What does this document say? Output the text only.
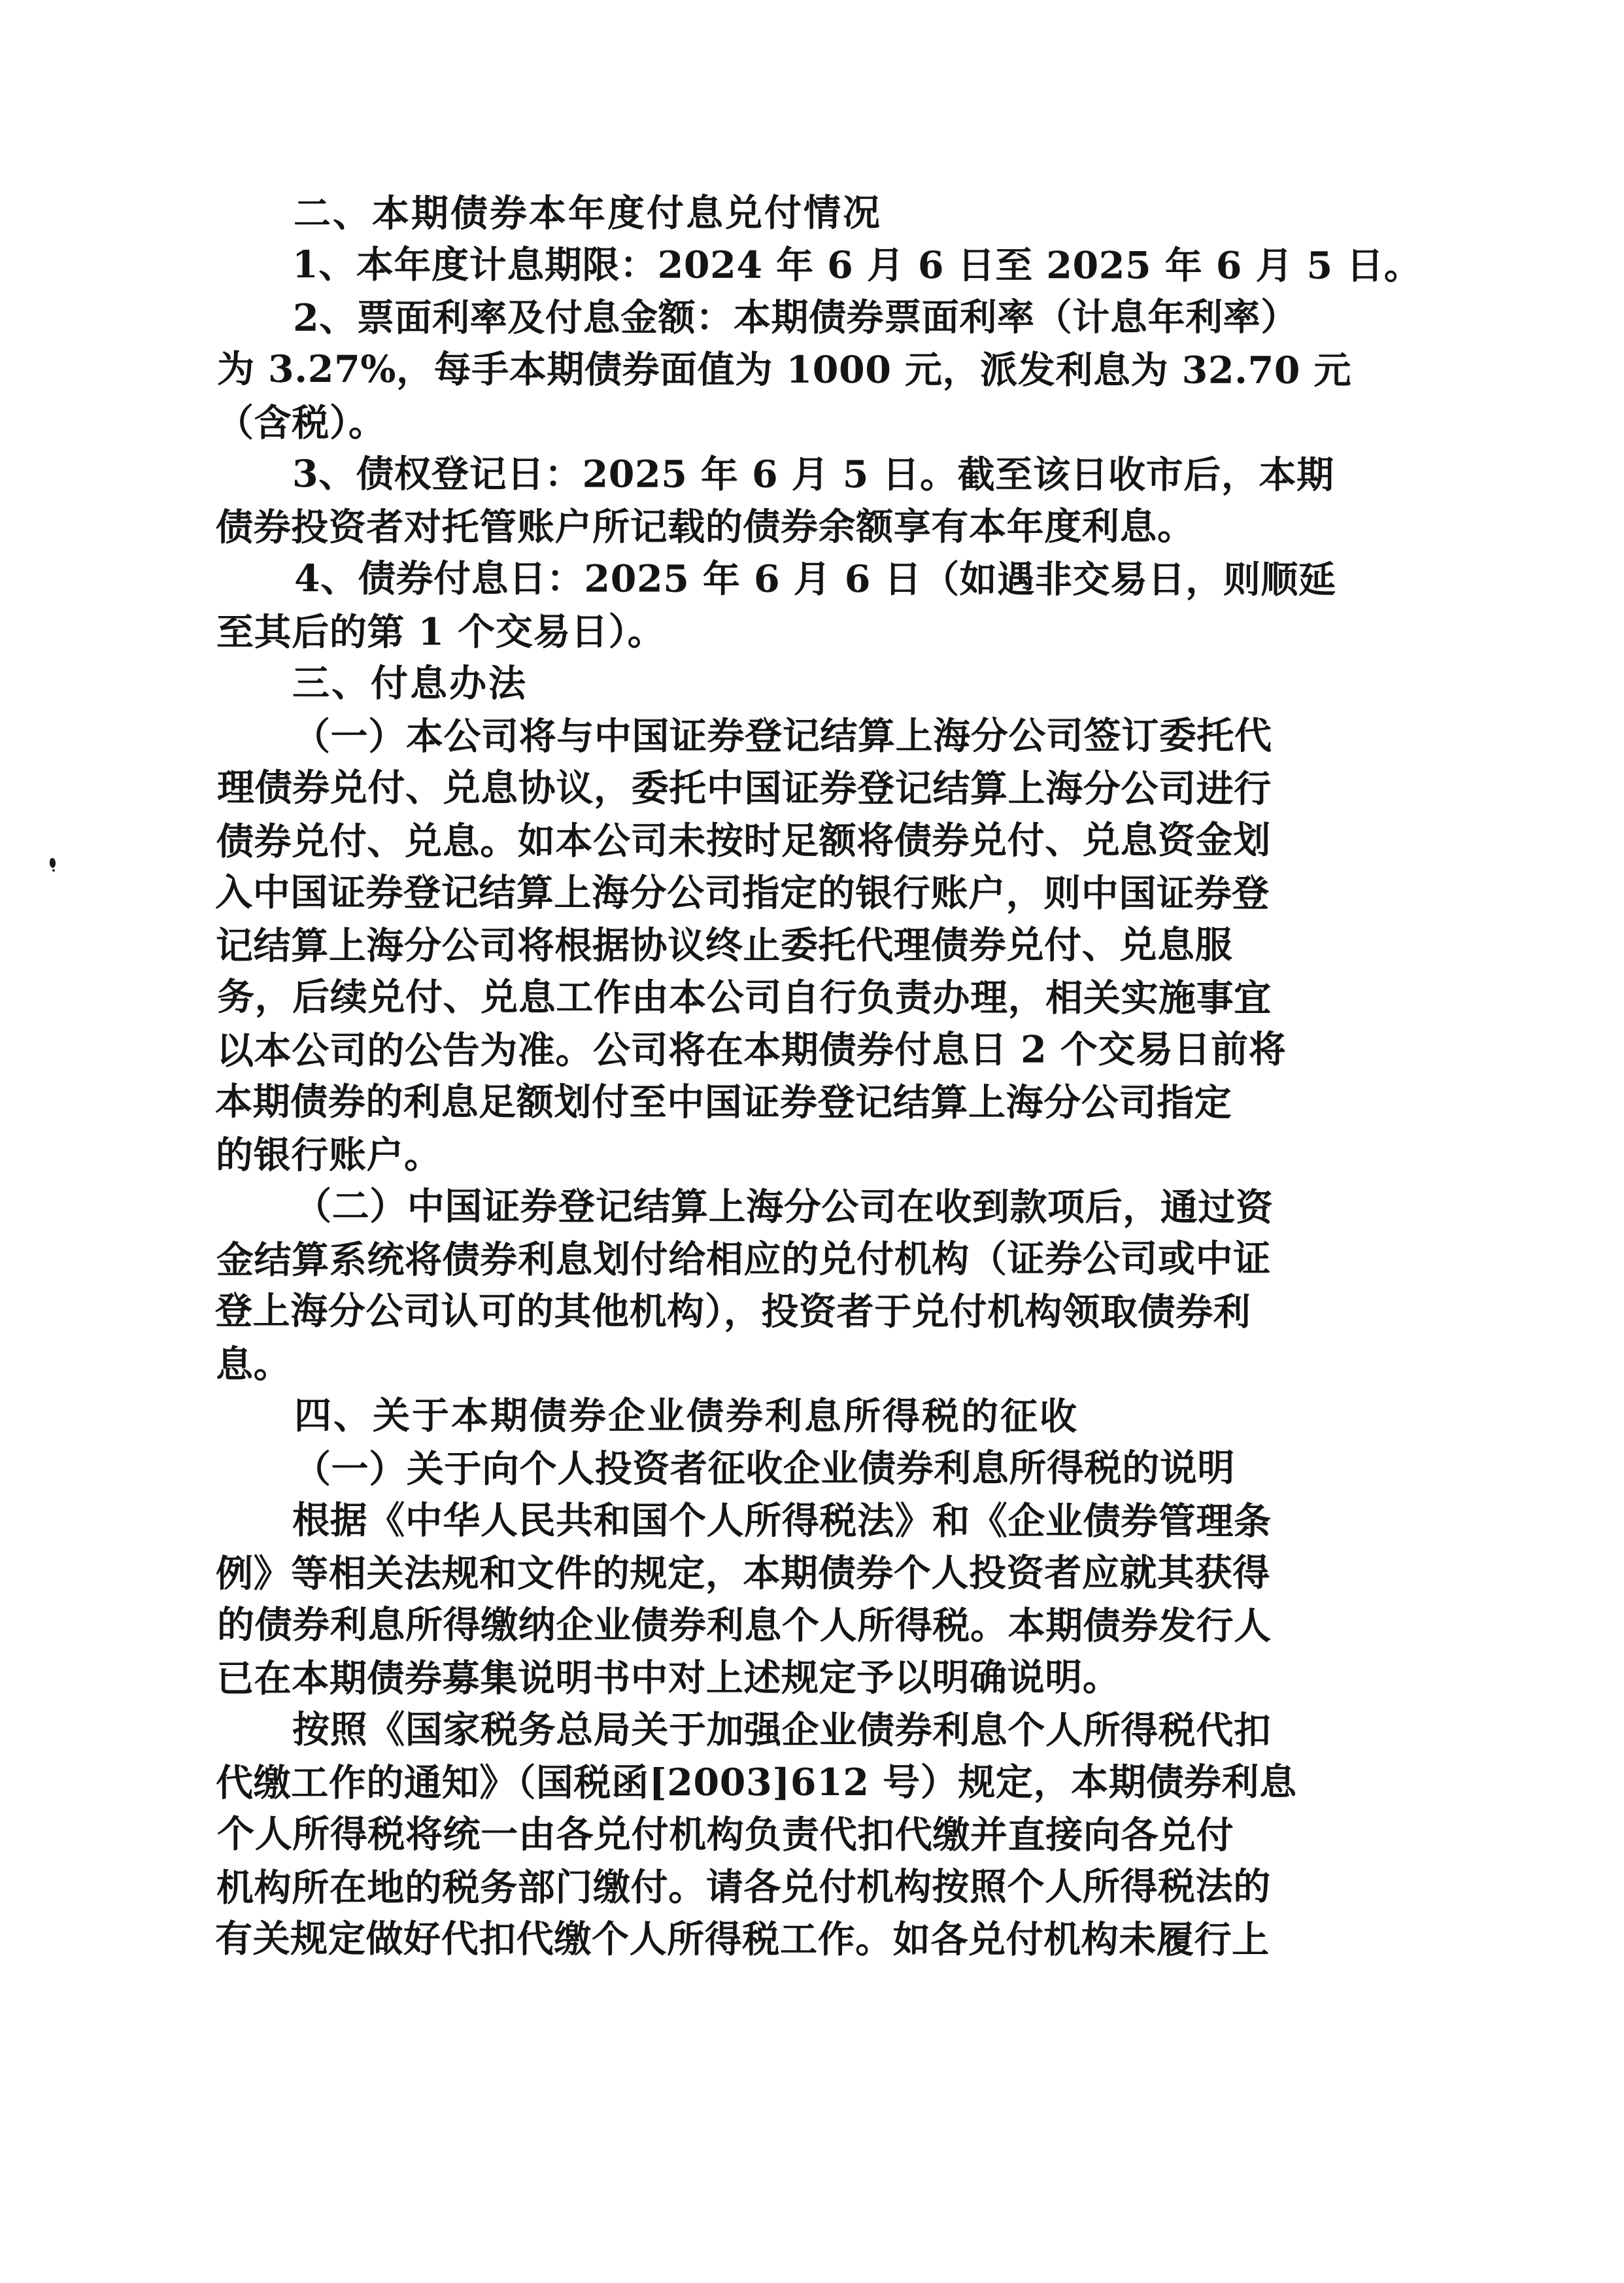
二、本期债券本年度付息兑付情况
1、本年度计息期限：2024 年 6 月 6 日至 2025 年 6 月 5 日。
2、票面利率及付息金额：本期债券票面利率（计息年利率）
为 3.27%，每手本期债券面值为 1000 元，派发利息为 32.70 元
（含税）。
3、债权登记日：2025 年 6 月 5 日。截至该日收市后，本期
债券投资者对托管账户所记载的债券余额享有本年度利息。
4、债券付息日：2025 年 6 月 6 日（如遇非交易日，则顺延
至其后的第 1 个交易日）。
三、付息办法
（一）本公司将与中国证券登记结算上海分公司签订委托代
理债券兑付、兑息协议，委托中国证券登记结算上海分公司进行
债券兑付、兑息。如本公司未按时足额将债券兑付、兑息资金划
入中国证券登记结算上海分公司指定的银行账户，则中国证券登
记结算上海分公司将根据协议终止委托代理债券兑付、兑息服
务，后续兑付、兑息工作由本公司自行负责办理，相关实施事宜
以本公司的公告为准。公司将在本期债券付息日 2 个交易日前将
本期债券的利息足额划付至中国证券登记结算上海分公司指定
的银行账户。
（二）中国证券登记结算上海分公司在收到款项后，通过资
金结算系统将债券利息划付给相应的兑付机构（证券公司或中证
登上海分公司认可的其他机构），投资者于兑付机构领取债券利
息。
四、关于本期债券企业债券利息所得税的征收
（一）关于向个人投资者征收企业债券利息所得税的说明
根据《中华人民共和国个人所得税法》和《企业债券管理条
例》等相关法规和文件的规定，本期债券个人投资者应就其获得
的债券利息所得缴纳企业债券利息个人所得税。本期债券发行人
已在本期债券募集说明书中对上述规定予以明确说明。
按照《国家税务总局关于加强企业债券利息个人所得税代扣
代缴工作的通知》（国税函[2003]612 号）规定，本期债券利息
个人所得税将统一由各兑付机构负责代扣代缴并直接向各兑付
机构所在地的税务部门缴付。请各兑付机构按照个人所得税法的
有关规定做好代扣代缴个人所得税工作。如各兑付机构未履行上
